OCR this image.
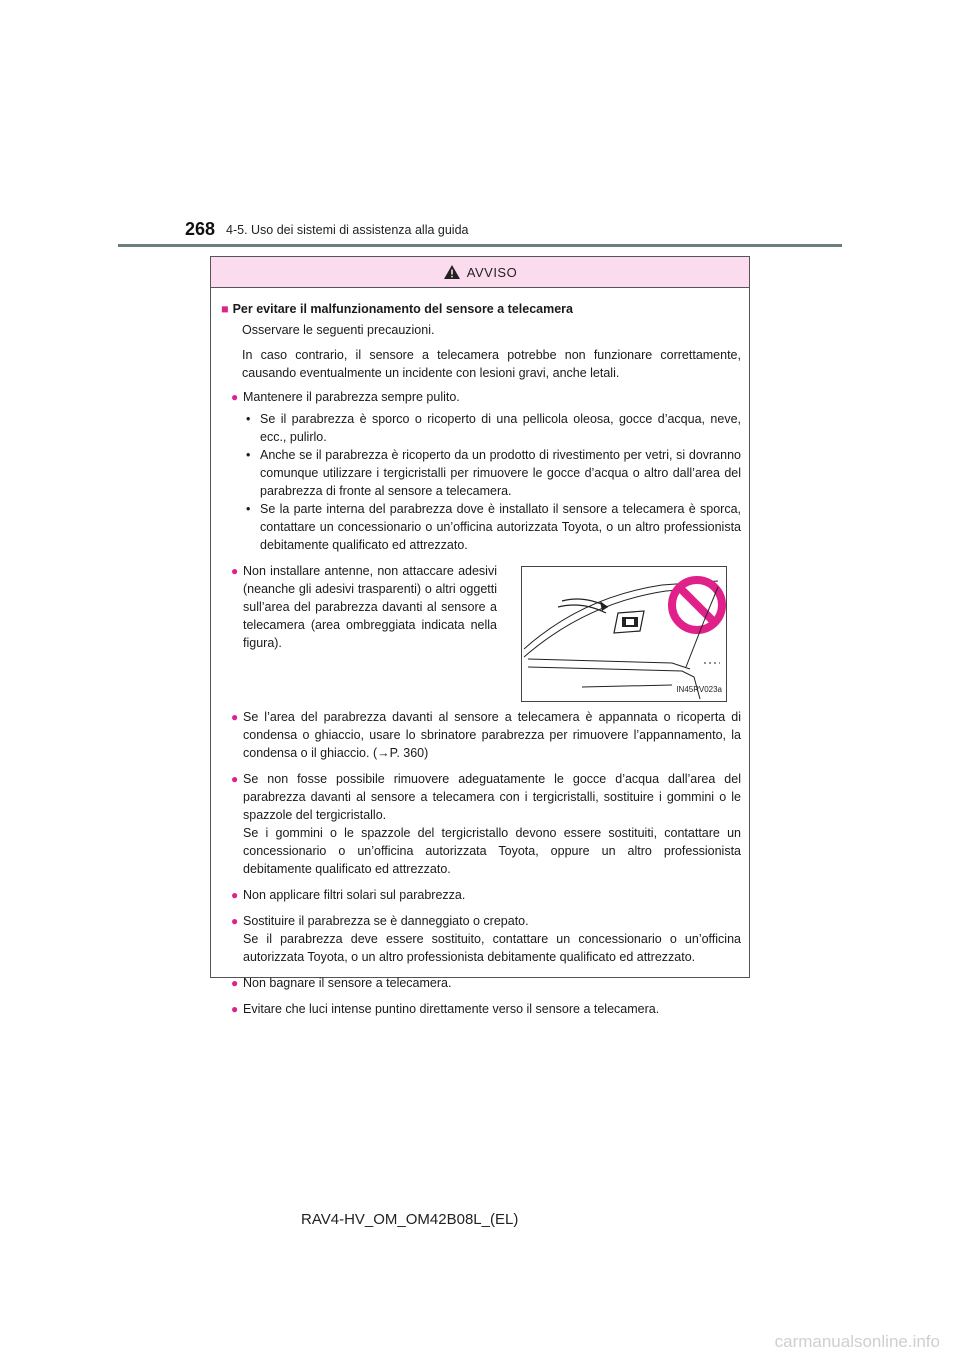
268 4-5. Uso dei sistemi di assistenza alla guida
AVVISO
■ Per evitare il malfunzionamento del sensore a telecamera
Osservare le seguenti precauzioni.
In caso contrario, il sensore a telecamera potrebbe non funzionare correttamente, causando eventualmente un incidente con lesioni gravi, anche letali.
● Mantenere il parabrezza sempre pulito.
• Se il parabrezza è sporco o ricoperto di una pellicola oleosa, gocce d’acqua, neve, ecc., pulirlo.
• Anche se il parabrezza è ricoperto da un prodotto di rivestimento per vetri, si dovranno comunque utilizzare i tergicristalli per rimuovere le gocce d’acqua o altro dall’area del parabrezza di fronte al sensore a telecamera.
• Se la parte interna del parabrezza dove è installato il sensore a telecamera è sporca, contattare un concessionario o un’officina autorizzata Toyota, o un altro professionista debitamente qualificato ed attrezzato.
● Non installare antenne, non attaccare adesivi (neanche gli adesivi trasparenti) o altri oggetti sull’area del parabrezza davanti al sensore a telecamera (area ombreggiata indicata nella figura).
IN45RV023a
● Se l’area del parabrezza davanti al sensore a telecamera è appannata o ricoperta di condensa o ghiaccio, usare lo sbrinatore parabrezza per rimuovere l’appannamento, la condensa o il ghiaccio. (→P. 360)
● Se non fosse possibile rimuovere adeguatamente le gocce d’acqua dall’area del parabrezza davanti al sensore a telecamera con i tergicristalli, sostituire i gommini o le spazzole del tergicristallo.
Se i gommini o le spazzole del tergicristallo devono essere sostituiti, contattare un concessionario o un’officina autorizzata Toyota, oppure un altro professionista debitamente qualificato ed attrezzato.
● Non applicare filtri solari sul parabrezza.
● Sostituire il parabrezza se è danneggiato o crepato.
Se il parabrezza deve essere sostituito, contattare un concessionario o un’officina autorizzata Toyota, o un altro professionista debitamente qualificato ed attrezzato.
● Non bagnare il sensore a telecamera.
● Evitare che luci intense puntino direttamente verso il sensore a telecamera.
RAV4-HV_OM_OM42B08L_(EL)
carmanualsonline.info
